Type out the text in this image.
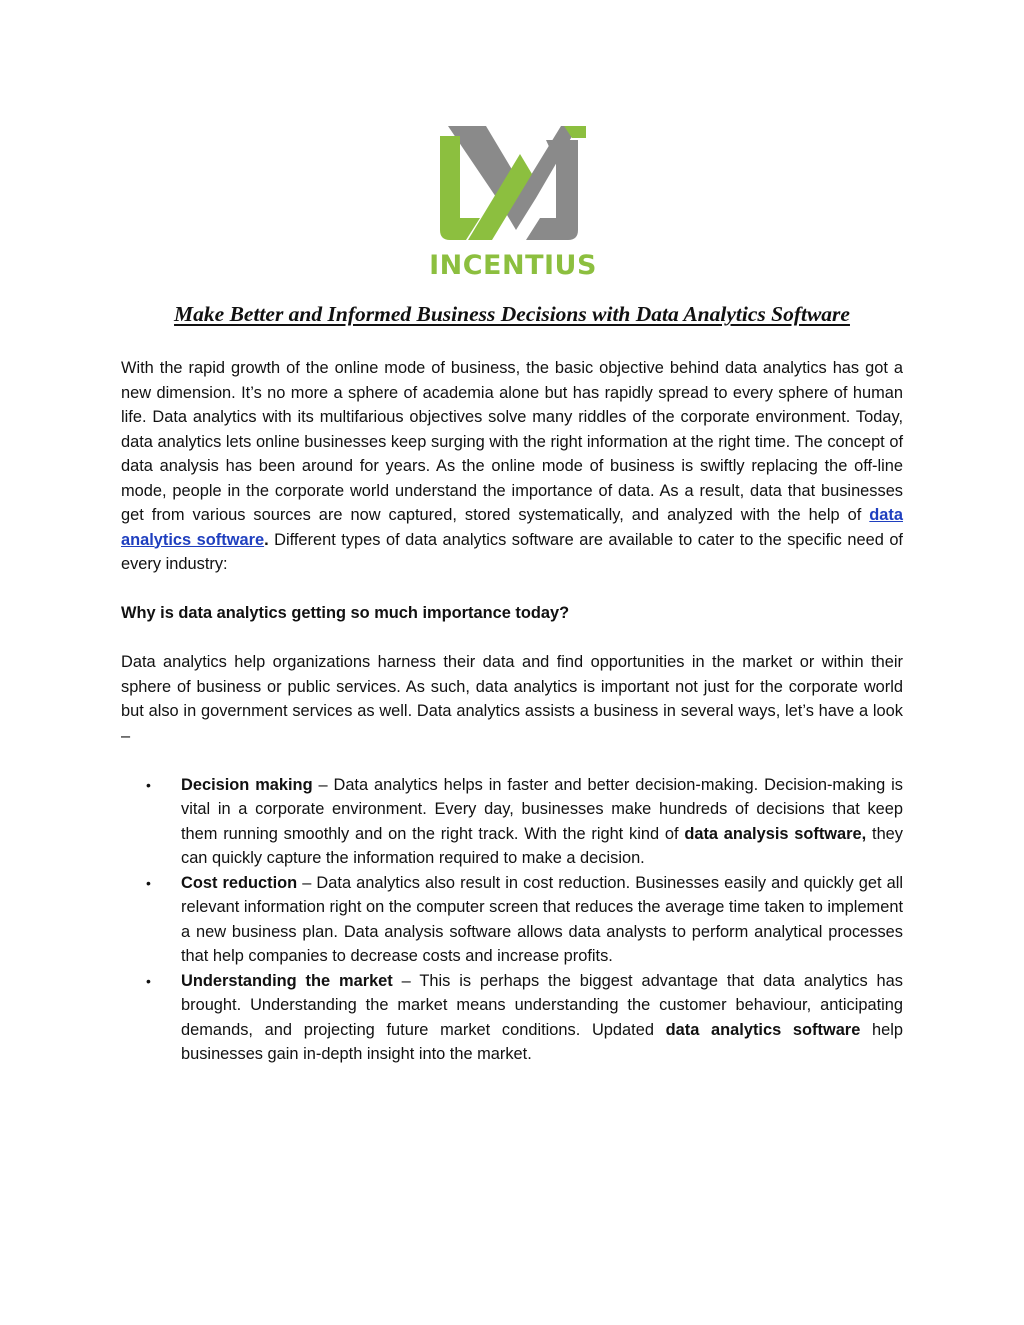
INCENTIUS
Make Better and Informed Business Decisions with Data Analytics Software

With the rapid growth of the online mode of business, the basic objective behind data analytics has got a new dimension. It’s no more a sphere of academia alone but has rapidly spread to every sphere of human life. Data analytics with its multifarious objectives solve many riddles of the corporate environment. Today, data analytics lets online businesses keep surging with the right information at the right time. The concept of data analysis has been around for years. As the online mode of business is swiftly replacing the off-line mode, people in the corporate world understand the importance of data. As a result, data that businesses get from various sources are now captured, stored systematically, and analyzed with the help of data analytics software. Different types of data analytics software are available to cater to the specific need of every industry:

Why is data analytics getting so much importance today?

Data analytics help organizations harness their data and find opportunities in the market or within their sphere of business or public services. As such, data analytics is important not just for the corporate world but also in government services as well. Data analytics assists a business in several ways, let’s have a look –

• Decision making – Data analytics helps in faster and better decision-making. Decision-making is vital in a corporate environment. Every day, businesses make hundreds of decisions that keep them running smoothly and on the right track. With the right kind of data analysis software, they can quickly capture the information required to make a decision.
• Cost reduction – Data analytics also result in cost reduction. Businesses easily and quickly get all relevant information right on the computer screen that reduces the average time taken to implement a new business plan. Data analysis software allows data analysts to perform analytical processes that help companies to decrease costs and increase profits.
• Understanding the market – This is perhaps the biggest advantage that data analytics has brought. Understanding the market means understanding the customer behaviour, anticipating demands, and projecting future market conditions. Updated data analytics software help businesses gain in-depth insight into the market.
